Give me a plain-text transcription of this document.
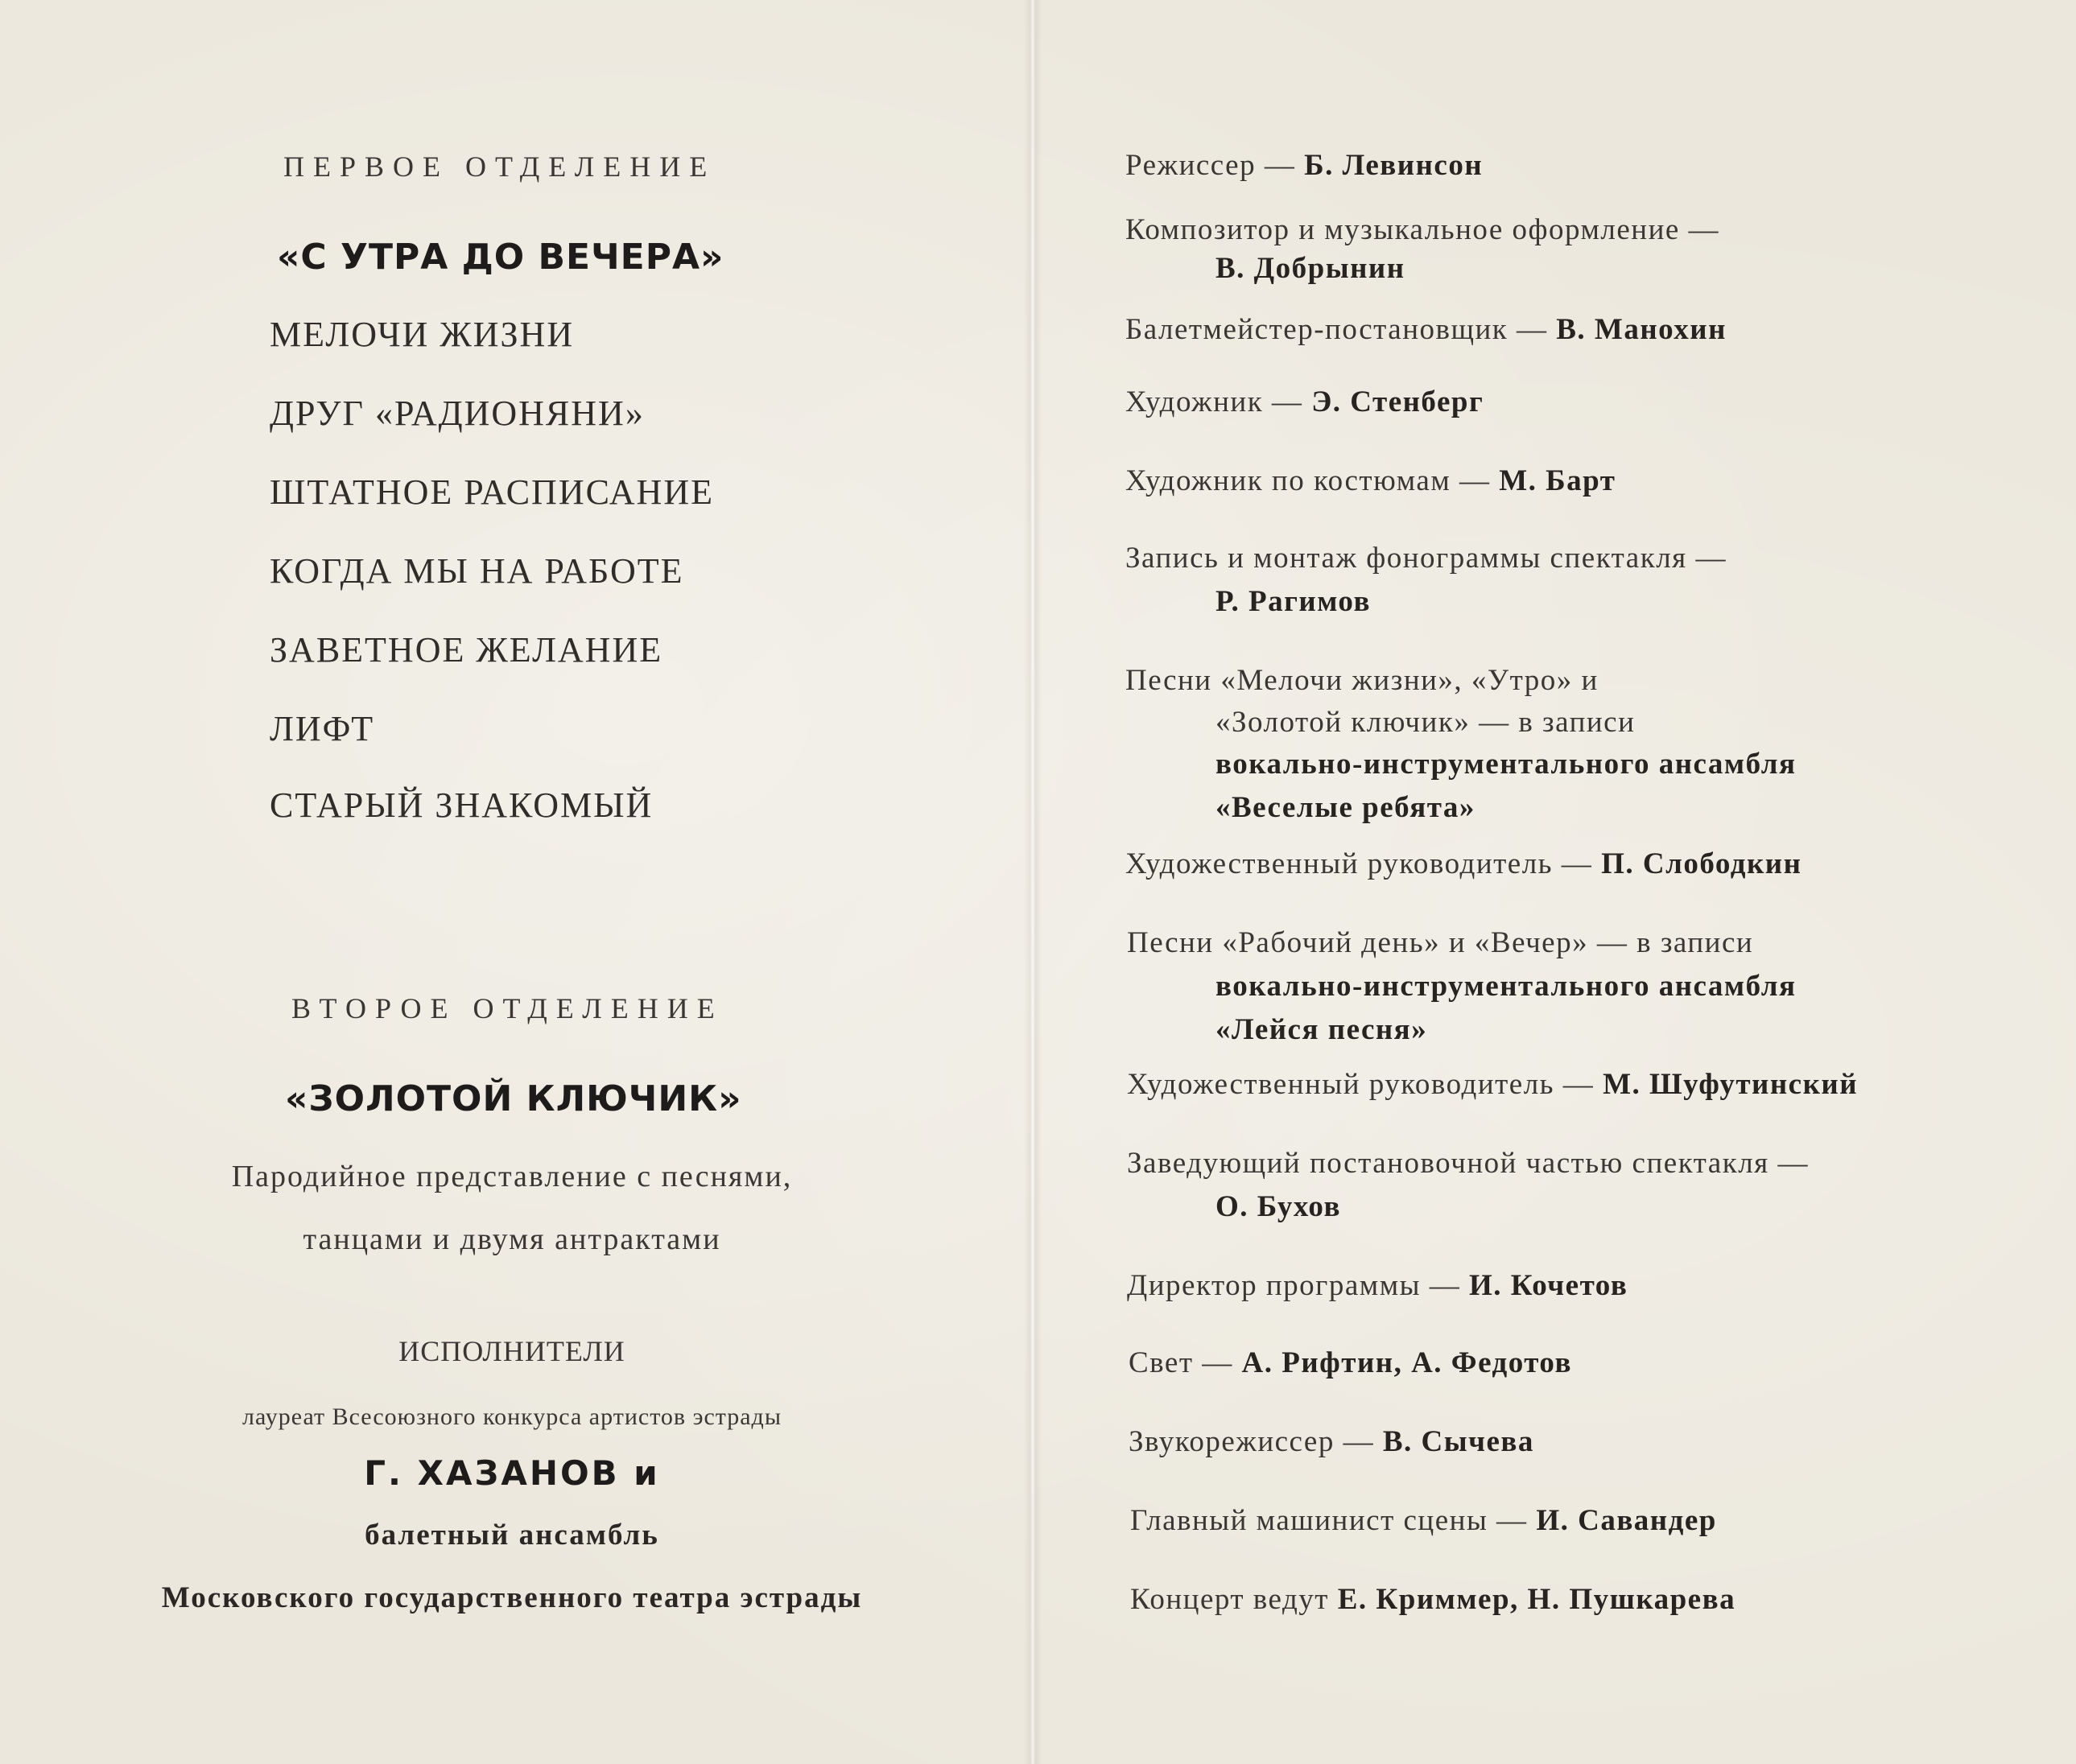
ПЕРВОЕ ОТДЕЛЕНИЕ
«С УТРА ДО ВЕЧЕРА»
МЕЛОЧИ ЖИЗНИ
ДРУГ «РАДИОНЯНИ»
ШТАТНОЕ РАСПИСАНИЕ
КОГДА МЫ НА РАБОТЕ
ЗАВЕТНОЕ ЖЕЛАНИЕ
ЛИФТ
СТАРЫЙ ЗНАКОМЫЙ
ВТОРОЕ ОТДЕЛЕНИЕ
«ЗОЛОТОЙ КЛЮЧИК»
Пародийное представление с песнями,
танцами и двумя антрактами
ИСПОЛНИТЕЛИ
лауреат Всесоюзного конкурса артистов эстрады
Г. ХАЗАНОВ и
балетный ансамбль
Московского государственного театра эстрады
Режиссер — Б. Левинсон
Композитор и музыкальное оформление —
В. Добрынин
Балетмейстер-постановщик — В. Манохин
Художник — Э. Стенберг
Художник по костюмам — М. Барт
Запись и монтаж фонограммы спектакля —
Р. Рагимов
Песни «Мелочи жизни», «Утро» и
«Золотой ключик» — в записи
вокально-инструментального ансамбля
«Веселые ребята»
Художественный руководитель — П. Слободкин
Песни «Рабочий день» и «Вечер» — в записи
вокально-инструментального ансамбля
«Лейся песня»
Художественный руководитель — М. Шуфутинский
Заведующий постановочной частью спектакля —
О. Бухов
Директор программы — И. Кочетов
Свет — А. Рифтин, А. Федотов
Звукорежиссер — В. Сычева
Главный машинист сцены — И. Савандер
Концерт ведут Е. Криммер, Н. Пушкарева
